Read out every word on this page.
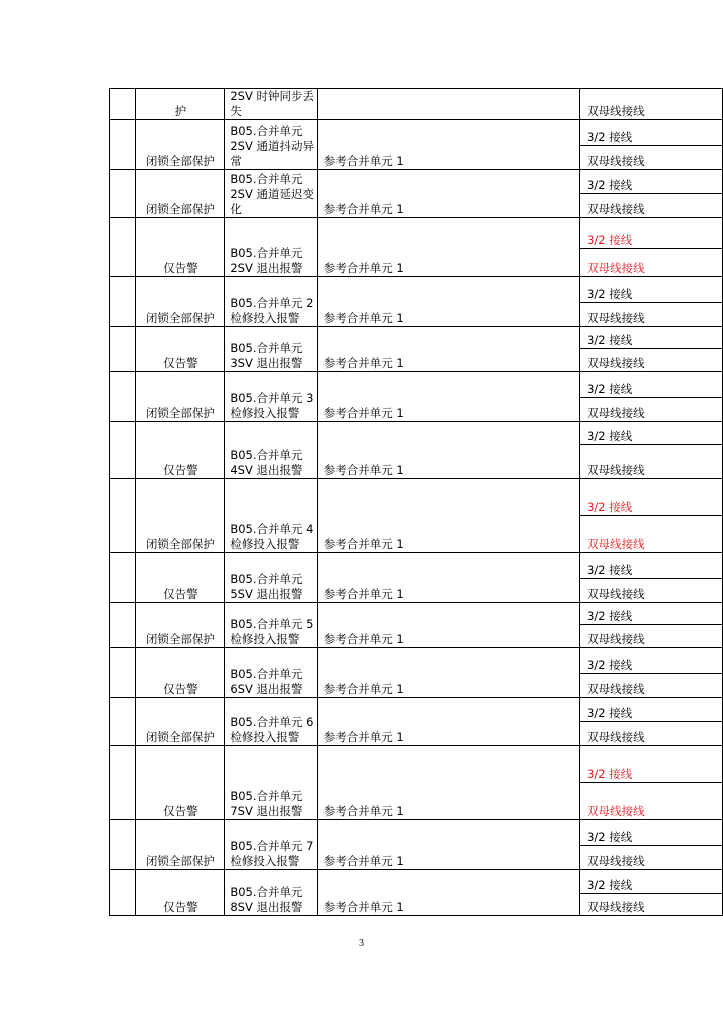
	护	2SV 时钟同步丢失		双母线接线
	闭锁全部保护	B05.合并单元 2SV 通道抖动异常	参考合并单元 1	3/2 接线
				双母线接线
	闭锁全部保护	B05.合并单元 2SV 通道延迟变化	参考合并单元 1	3/2 接线
				双母线接线
	仅告警	B05.合并单元 2SV 退出报警	参考合并单元 1	3/2 接线
				双母线接线
	闭锁全部保护	B05.合并单元 2 检修投入报警	参考合并单元 1	3/2 接线
				双母线接线
	仅告警	B05.合并单元 3SV 退出报警	参考合并单元 1	3/2 接线
				双母线接线
	闭锁全部保护	B05.合并单元 3 检修投入报警	参考合并单元 1	3/2 接线
				双母线接线
	仅告警	B05.合并单元 4SV 退出报警	参考合并单元 1	3/2 接线
				双母线接线
	闭锁全部保护	B05.合并单元 4 检修投入报警	参考合并单元 1	3/2 接线
				双母线接线
	仅告警	B05.合并单元 5SV 退出报警	参考合并单元 1	3/2 接线
				双母线接线
	闭锁全部保护	B05.合并单元 5 检修投入报警	参考合并单元 1	3/2 接线
				双母线接线
	仅告警	B05.合并单元 6SV 退出报警	参考合并单元 1	3/2 接线
				双母线接线
	闭锁全部保护	B05.合并单元 6 检修投入报警	参考合并单元 1	3/2 接线
				双母线接线
	仅告警	B05.合并单元 7SV 退出报警	参考合并单元 1	3/2 接线
				双母线接线
	闭锁全部保护	B05.合并单元 7 检修投入报警	参考合并单元 1	3/2 接线
				双母线接线
	仅告警	B05.合并单元 8SV 退出报警	参考合并单元 1	3/2 接线
				双母线接线
3
